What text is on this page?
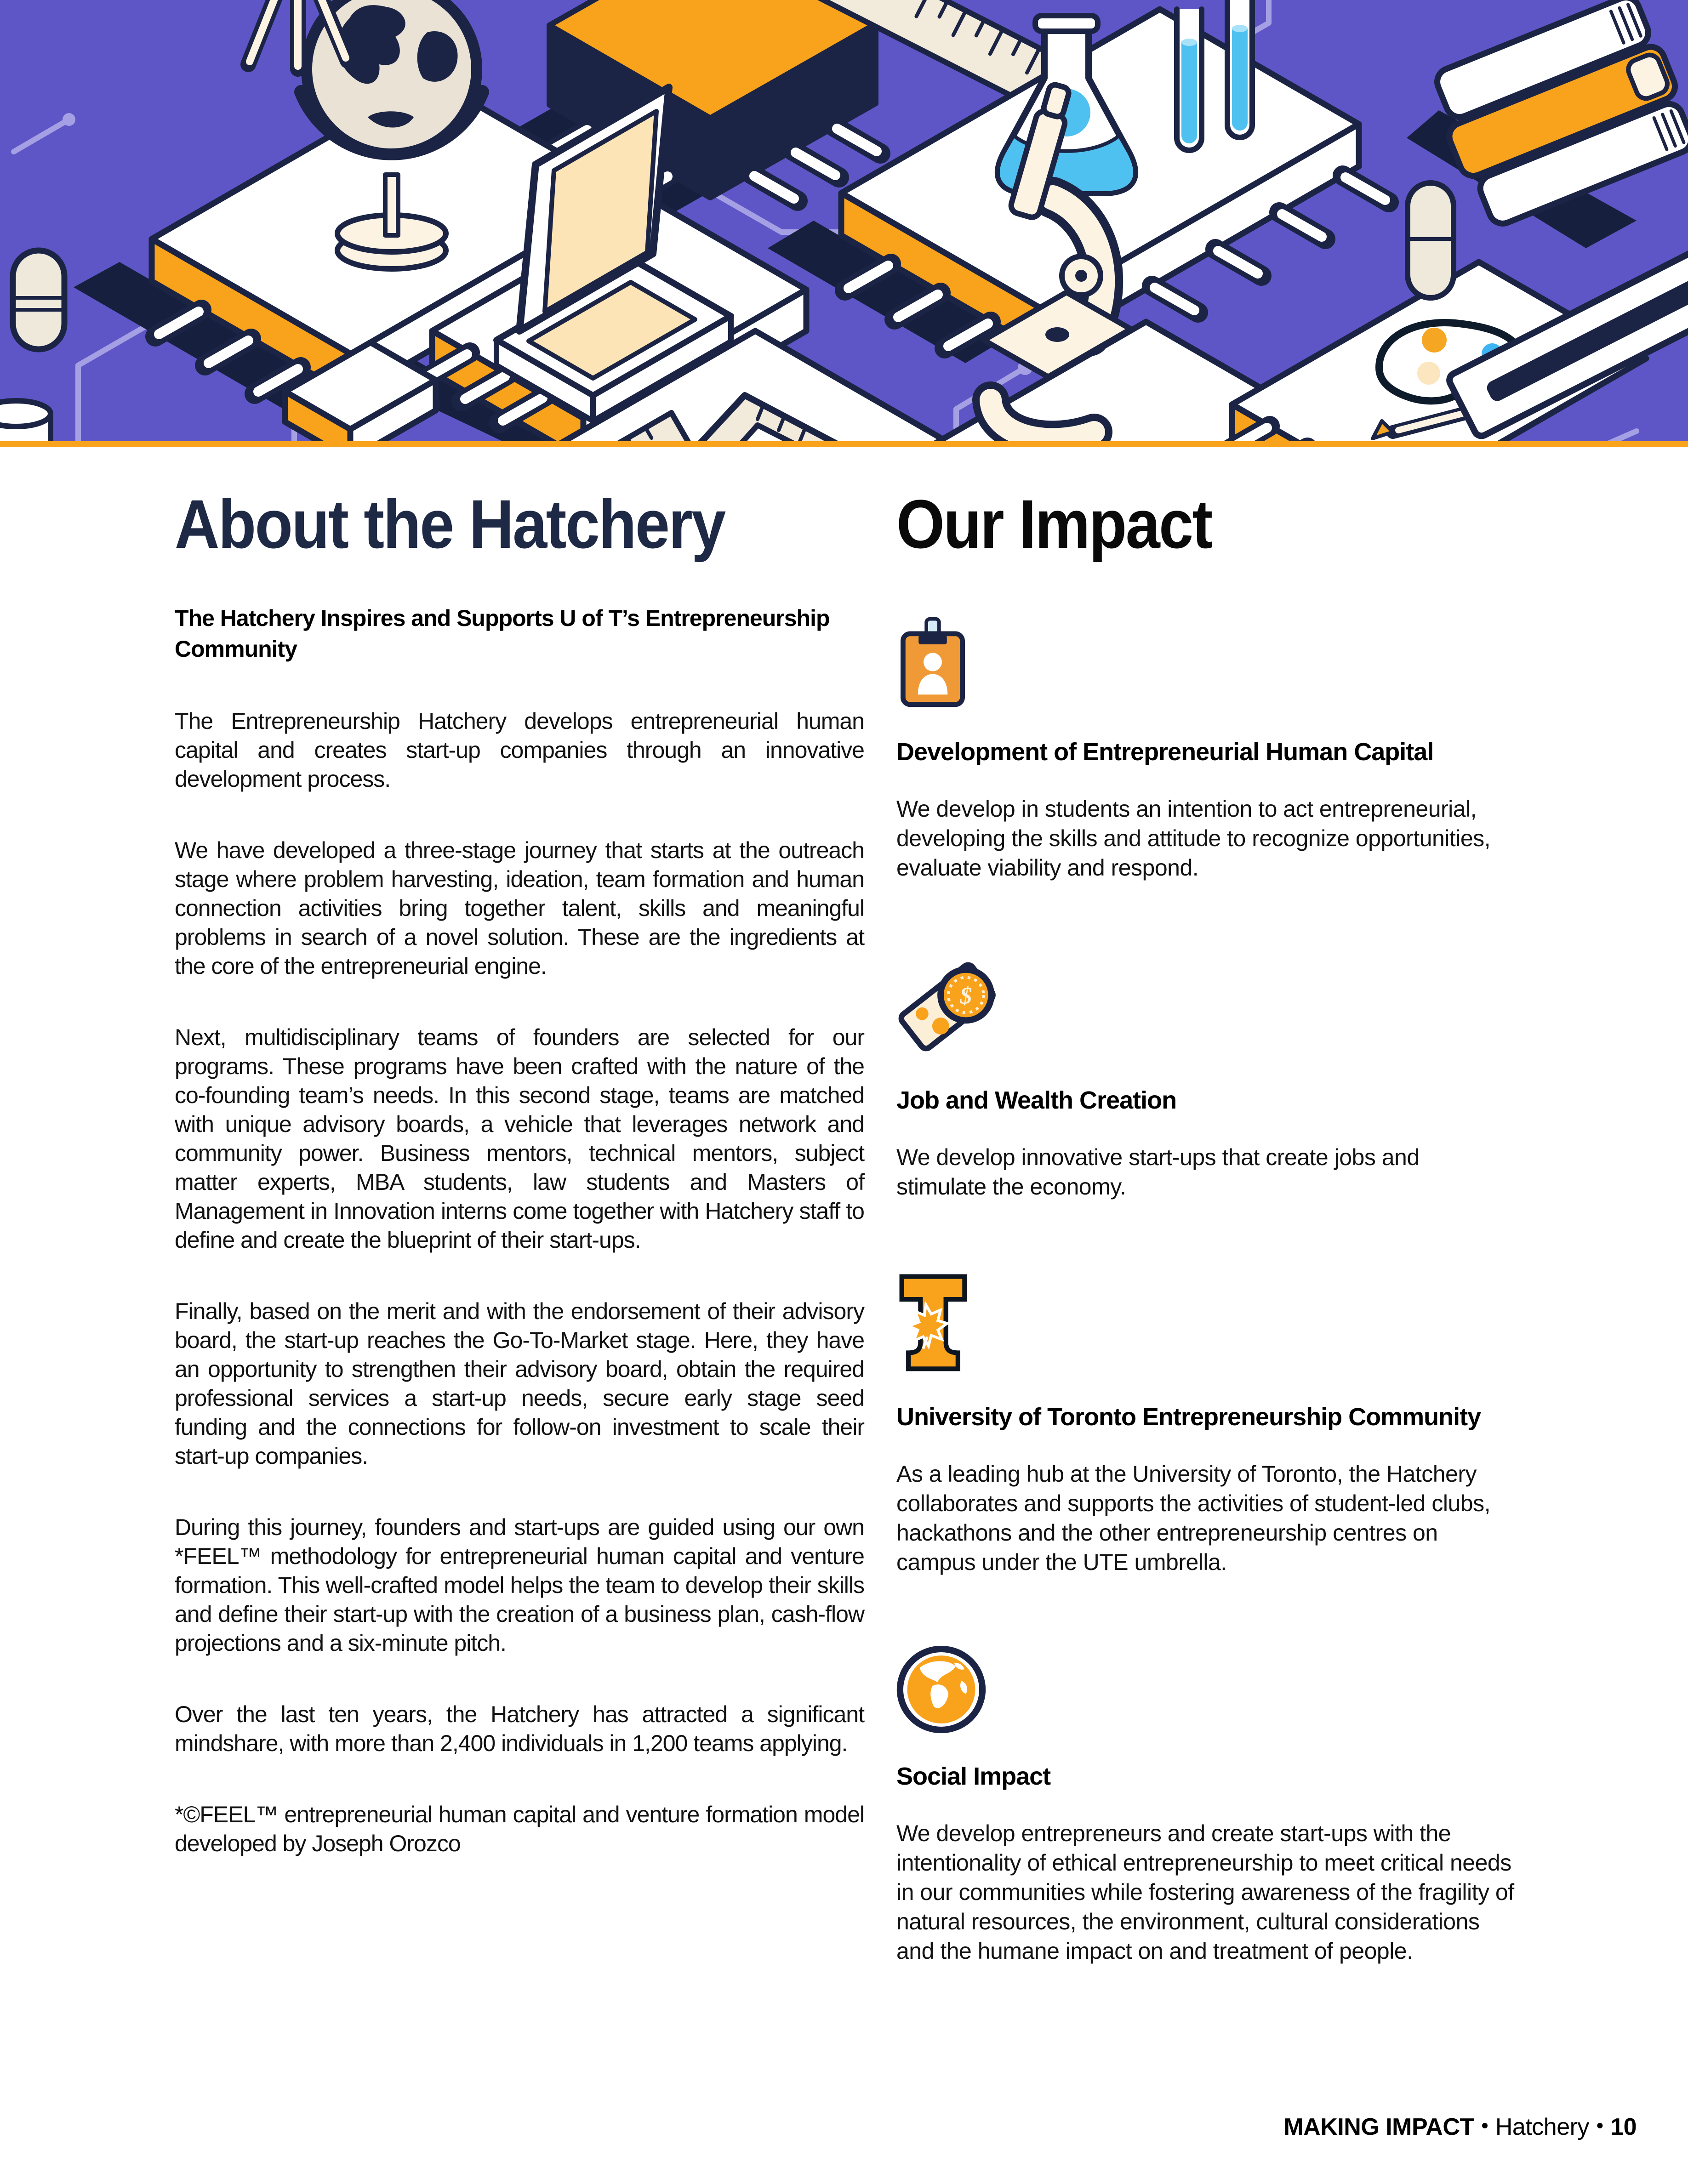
About the Hatchery
The Hatchery Inspires and Supports U of T’s Entrepreneurship Community

The Entrepreneurship Hatchery develops entrepreneurial human capital and creates start-up companies through an innovative development process.

We have developed a three-stage journey that starts at the outreach stage where problem harvesting, ideation, team formation and human connection activities bring together talent, skills and meaningful problems in search of a novel solution. These are the ingredients at the core of the entrepreneurial engine.

Next, multidisciplinary teams of founders are selected for our programs. These programs have been crafted with the nature of the co-founding team’s needs. In this second stage, teams are matched with unique advisory boards, a vehicle that leverages network and community power. Business mentors, technical mentors, subject matter experts, MBA students, law students and Masters of Management in Innovation interns come together with Hatchery staff to define and create the blueprint of their start-ups.

Finally, based on the merit and with the endorsement of their advisory board, the start-up reaches the Go-To-Market stage. Here, they have an opportunity to strengthen their advisory board, obtain the required professional services a start-up needs, secure early stage seed funding and the connections for follow-on investment to scale their start-up companies.

During this journey, founders and start-ups are guided using our own *FEEL™ methodology for entrepreneurial human capital and venture formation. This well-crafted model helps the team to develop their skills and define their start-up with the creation of a business plan, cash-flow projections and a six-minute pitch.

Over the last ten years, the Hatchery has attracted a significant mindshare, with more than 2,400 individuals in 1,200 teams applying.

*©FEEL™ entrepreneurial human capital and venture formation model developed by Joseph Orozco

Our Impact
Development of Entrepreneurial Human Capital

We develop in students an intention to act entrepreneurial, developing the skills and attitude to recognize opportunities, evaluate viability and respond.

$
Job and Wealth Creation

We develop innovative start-ups that create jobs and stimulate the economy.

University of Toronto Entrepreneurship Community

As a leading hub at the University of Toronto, the Hatchery collaborates and supports the activities of student-led clubs, hackathons and the other entrepreneurship centres on campus under the UTE umbrella.

Social Impact

We develop entrepreneurs and create start-ups with the intentionality of ethical entrepreneurship to meet critical needs in our communities while fostering awareness of the fragility of natural resources, the environment, cultural considerations and the humane impact on and treatment of people.

MAKING IMPACT • Hatchery • 10
